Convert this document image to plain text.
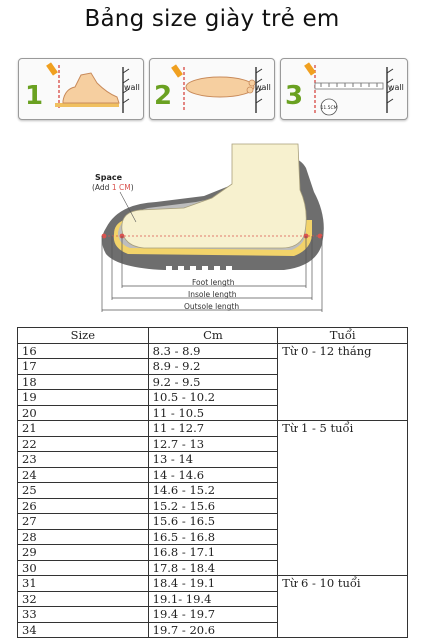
Bảng size giày trẻ em
1	wall 2	wall 3	11.5CM
wall
Foot length
Insole length
Outsole length
Space
(Add 1 CM)
Size	Cm	Tuổi
16	8.3 - 8.9	Từ 0 - 12 tháng
17	8.9 - 9.2	
18	9.2 - 9.5	
19	10.5 - 10.2	
20	11 - 10.5	
21	11 - 12.7	Từ 1 - 5 tuổi
22	12.7 - 13	
23	13 - 14	
24	14 - 14.6	
25	14.6 - 15.2	
26	15.2 - 15.6	
27	15.6 - 16.5	
28	16.5 - 16.8	
29	16.8 - 17.1	
30	17.8 - 18.4	
31	18.4 - 19.1	Từ 6 - 10 tuổi
32	19.1- 19.4	
33	19.4 - 19.7	
34	19.7 - 20.6	
